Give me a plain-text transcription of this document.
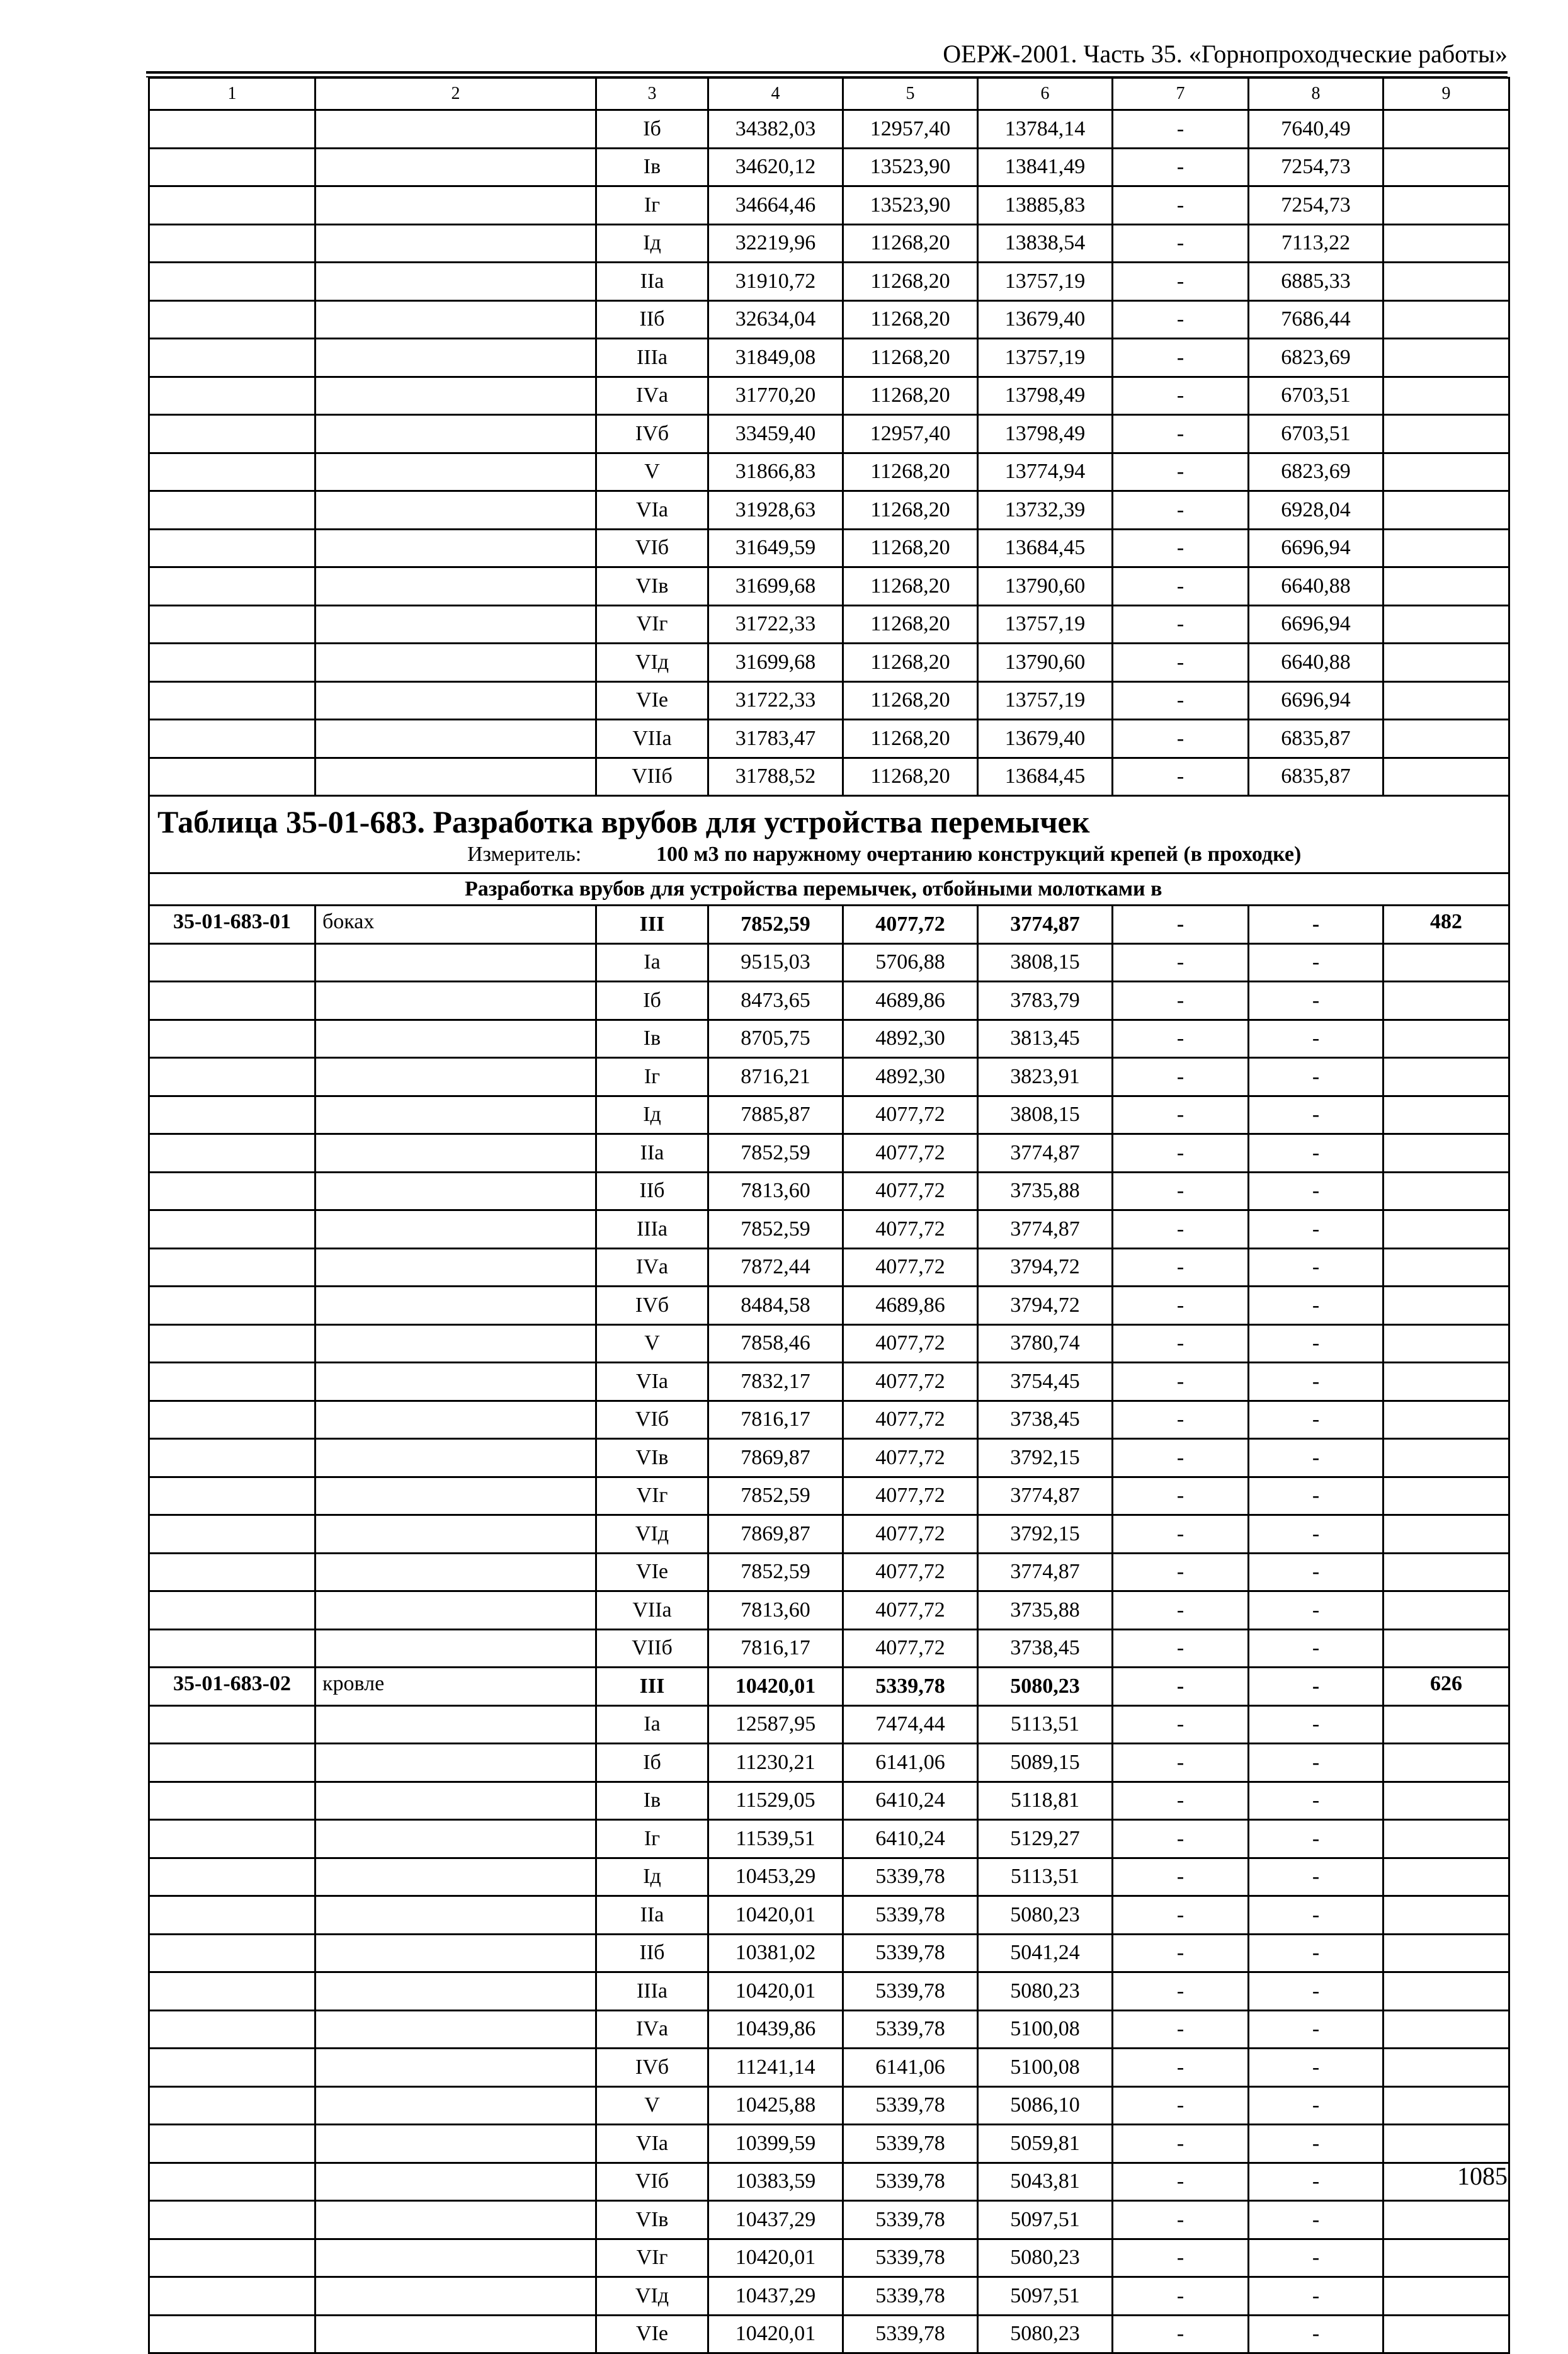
ОЕРЖ-2001. Часть 35. «Горнопроходческие работы»
1	2	3	4	5	6	7	8	9
		Iб	34382,03	12957,40	13784,14	-	7640,49	
		Iв	34620,12	13523,90	13841,49	-	7254,73	
		Iг	34664,46	13523,90	13885,83	-	7254,73	
		Iд	32219,96	11268,20	13838,54	-	7113,22	
		IIа	31910,72	11268,20	13757,19	-	6885,33	
		IIб	32634,04	11268,20	13679,40	-	7686,44	
		IIIа	31849,08	11268,20	13757,19	-	6823,69	
		IVа	31770,20	11268,20	13798,49	-	6703,51	
		IVб	33459,40	12957,40	13798,49	-	6703,51	
		V	31866,83	11268,20	13774,94	-	6823,69	
		VIа	31928,63	11268,20	13732,39	-	6928,04	
		VIб	31649,59	11268,20	13684,45	-	6696,94	
		VIв	31699,68	11268,20	13790,60	-	6640,88	
		VIг	31722,33	11268,20	13757,19	-	6696,94	
		VIд	31699,68	11268,20	13790,60	-	6640,88	
		VIе	31722,33	11268,20	13757,19	-	6696,94	
		VIIа	31783,47	11268,20	13679,40	-	6835,87	
		VIIб	31788,52	11268,20	13684,45	-	6835,87	

Таблица 35-01-683. Разработка врубов для устройства перемычек
Измеритель: 100 м3 по наружному очертанию конструкций крепей (в проходке)								

Разработка врубов для устройства перемычек, отбойными молотками в								
35-01-683-01	боках	III	7852,59	4077,72	3774,87	-	-	482
		Iа	9515,03	5706,88	3808,15	-	-	
		Iб	8473,65	4689,86	3783,79	-	-	
		Iв	8705,75	4892,30	3813,45	-	-	
		Iг	8716,21	4892,30	3823,91	-	-	
		Iд	7885,87	4077,72	3808,15	-	-	
		IIа	7852,59	4077,72	3774,87	-	-	
		IIб	7813,60	4077,72	3735,88	-	-	
		IIIа	7852,59	4077,72	3774,87	-	-	
		IVа	7872,44	4077,72	3794,72	-	-	
		IVб	8484,58	4689,86	3794,72	-	-	
		V	7858,46	4077,72	3780,74	-	-	
		VIа	7832,17	4077,72	3754,45	-	-	
		VIб	7816,17	4077,72	3738,45	-	-	
		VIв	7869,87	4077,72	3792,15	-	-	
		VIг	7852,59	4077,72	3774,87	-	-	
		VIд	7869,87	4077,72	3792,15	-	-	
		VIе	7852,59	4077,72	3774,87	-	-	
		VIIа	7813,60	4077,72	3735,88	-	-	
		VIIб	7816,17	4077,72	3738,45	-	-	
35-01-683-02	кровле	III	10420,01	5339,78	5080,23	-	-	626
		Iа	12587,95	7474,44	5113,51	-	-	
		Iб	11230,21	6141,06	5089,15	-	-	
		Iв	11529,05	6410,24	5118,81	-	-	
		Iг	11539,51	6410,24	5129,27	-	-	
		Iд	10453,29	5339,78	5113,51	-	-	
		IIа	10420,01	5339,78	5080,23	-	-	
		IIб	10381,02	5339,78	5041,24	-	-	
		IIIа	10420,01	5339,78	5080,23	-	-	
		IVа	10439,86	5339,78	5100,08	-	-	
		IVб	11241,14	6141,06	5100,08	-	-	
		V	10425,88	5339,78	5086,10	-	-	
		VIа	10399,59	5339,78	5059,81	-	-	
		VIб	10383,59	5339,78	5043,81	-	-	
		VIв	10437,29	5339,78	5097,51	-	-	
		VIг	10420,01	5339,78	5080,23	-	-	
		VIд	10437,29	5339,78	5097,51	-	-	
		VIе	10420,01	5339,78	5080,23	-	-	
1085
